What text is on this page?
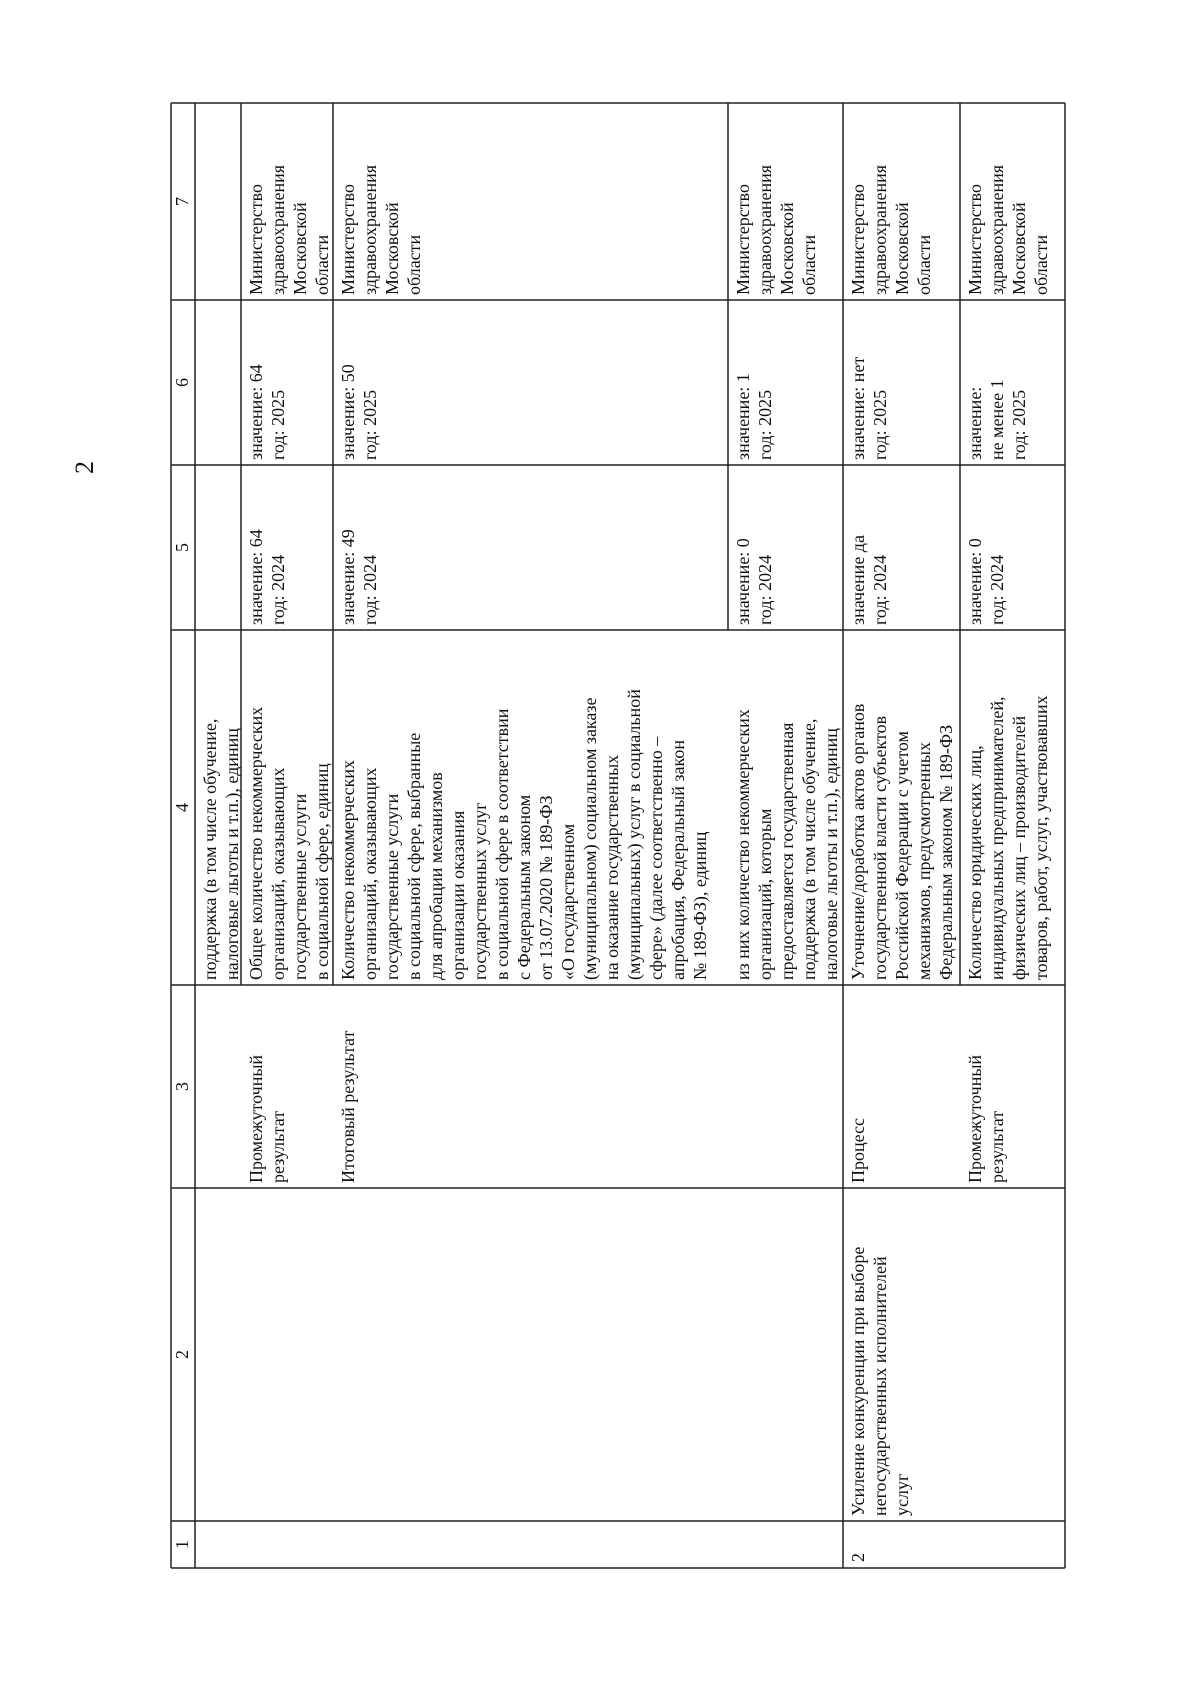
2
1
2
3
4
5
6
7
поддержка (в том числе обучение,
налоговые льготы и т.п.), единиц
Промежуточный
результат
Общее количество некоммерческих
организаций, оказывающих
государственные услуги
в социальной сфере, единиц
значение: 64
год: 2024
значение: 64
год: 2025
Министерство
здравоохранения
Московской
области
Итоговый результат
Количество некоммерческих
организаций, оказывающих
государственные услуги
в социальной сфере, выбранные
для апробации механизмов
организации оказания
государственных услуг
в социальной сфере в соответствии
с Федеральным законом
от 13.07.2020 № 189-ФЗ
«О государственном
(муниципальном) социальном заказе
на оказание государственных
(муниципальных) услуг в социальной
сфере» (далее соответственно –
апробация, Федеральный закон
№ 189-ФЗ), единиц
значение: 49
год: 2024
значение: 50
год: 2025
Министерство
здравоохранения
Московской
области
из них количество некоммерческих
организаций, которым
предоставляется государственная
поддержка (в том числе обучение,
налоговые льготы и т.п.), единиц
значение: 0
год: 2024
значение: 1
год: 2025
Министерство
здравоохранения
Московской
области
2
Усиление конкуренции при выборе
негосударственных исполнителей
услуг
Процесс
Уточнение/доработка актов органов
государственной власти субъектов
Российской Федерации с учетом
механизмов, предусмотренных
Федеральным законом № 189-ФЗ
значение да
год: 2024
значение: нет
год: 2025
Министерство
здравоохранения
Московской
области
Промежуточный
результат
Количество юридических лиц,
индивидуальных предпринимателей,
физических лиц – производителей
товаров, работ, услуг, участвовавших
значение: 0
год: 2024
значение:
не менее 1
год: 2025
Министерство
здравоохранения
Московской
области
